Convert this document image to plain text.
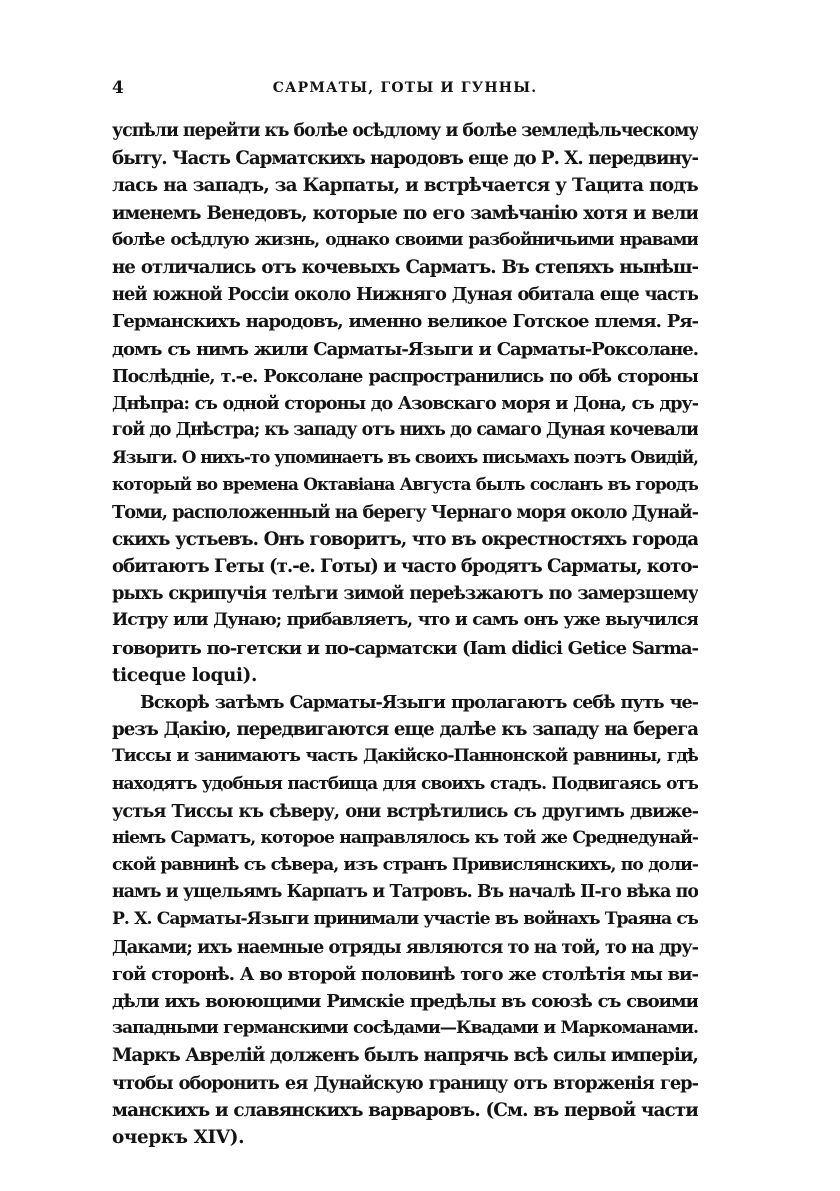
4	САРМАТЫ, ГОТЫ И ГУННЫ.
успѣли перейти къ болѣе осѣдлому и болѣе земледѣльческому
быту. Часть Сарматскихъ народовъ еще до Р. X. передвину-
лась на западъ, за Карпаты, и встрѣчается у Тацита подъ
именемъ Венедовъ, которые по его замѣчанію хотя и вели
болѣе осѣдлую жизнь, однако своими разбойничьими нравами
не отличались отъ кочевыхъ Сарматъ. Въ степяхъ нынѣш-
ней южной Россіи около Нижняго Дуная обитала еще часть
Германскихъ народовъ, именно великое Готское племя. Ря-
домъ съ нимъ жили Сарматы-Языги и Сарматы-Роксолане.
Послѣдніе, т.-е. Роксолане распространились по обѣ стороны
Днѣпра: съ одной стороны до Азовскаго моря и Дона, съ дру-
гой до Днѣстра; къ западу отъ нихъ до самаго Дуная кочевали
Языги. О нихъ-то упоминаетъ въ своихъ письмахъ поэтъ Овидій,
который во времена Октавіана Августа былъ сосланъ въ городъ
Томи, расположенный на берегу Чернаго моря около Дунай-
скихъ устьевъ. Онъ говоритъ, что въ окрестностяхъ города
обитаютъ Геты (т.-е. Готы) и часто бродятъ Сарматы, кото-
рыхъ скрипучія телѣги зимой переѣзжаютъ по замерзшему
Истру или Дунаю; прибавляетъ, что и самъ онъ уже выучился
говорить по-гетски и по-сарматски (Iam didici Getice Sarma-
ticeque loqui).
Вскорѣ затѣмъ Сарматы-Языги пролагаютъ себѣ путь че-
резъ Дакію, передвигаются еще далѣе къ западу на берега
Тиссы и занимаютъ часть Дакійско-Паннонской равнины, гдѣ
находятъ удобныя пастбища для своихъ стадъ. Подвигаясь отъ
устья Тиссы къ сѣверу, они встрѣтились съ другимъ движе-
ніемъ Сарматъ, которое направлялось къ той же Среднедунай-
ской равнинѣ съ сѣвера, изъ странъ Привислянскихъ, по доли-
намъ и ущельямъ Карпатъ и Татровъ. Въ началѣ II-го вѣка по
Р. X. Сарматы-Языги принимали участіе въ войнахъ Траяна съ
Даками; ихъ наемные отряды являются то на той, то на дру-
гой сторонѣ. А во второй половинѣ того же столѣтія мы ви-
дѣли ихъ воюющими Римскіе предѣлы въ союзѣ съ своими
западными германскими сосѣдами—Квадами и Маркоманами.
Маркъ Аврелій долженъ былъ напрячь всѣ силы имперіи,
чтобы оборонить ея Дунайскую границу отъ вторженія гер-
манскихъ и славянскихъ варваровъ. (См. въ первой части
очеркъ XIV).
